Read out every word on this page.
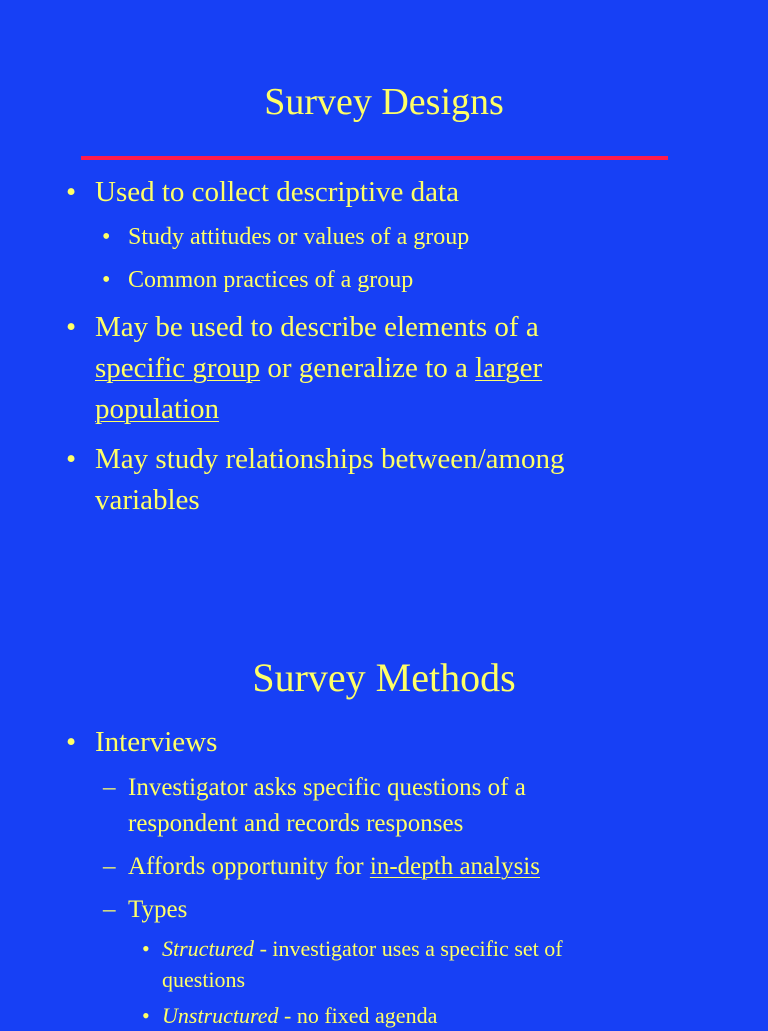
Survey Designs
• Used to collect descriptive data
• Study attitudes or values of a group
• Common practices of a group
• May be used to describe elements of a
specific group or generalize to a larger
population
• May study relationships between/among
variables
Survey Methods
• Interviews
– Investigator asks specific questions of a
respondent and records responses
– Affords opportunity for in-depth analysis
– Types
• Structured - investigator uses a specific set of
questions
• Unstructured - no fixed agenda
